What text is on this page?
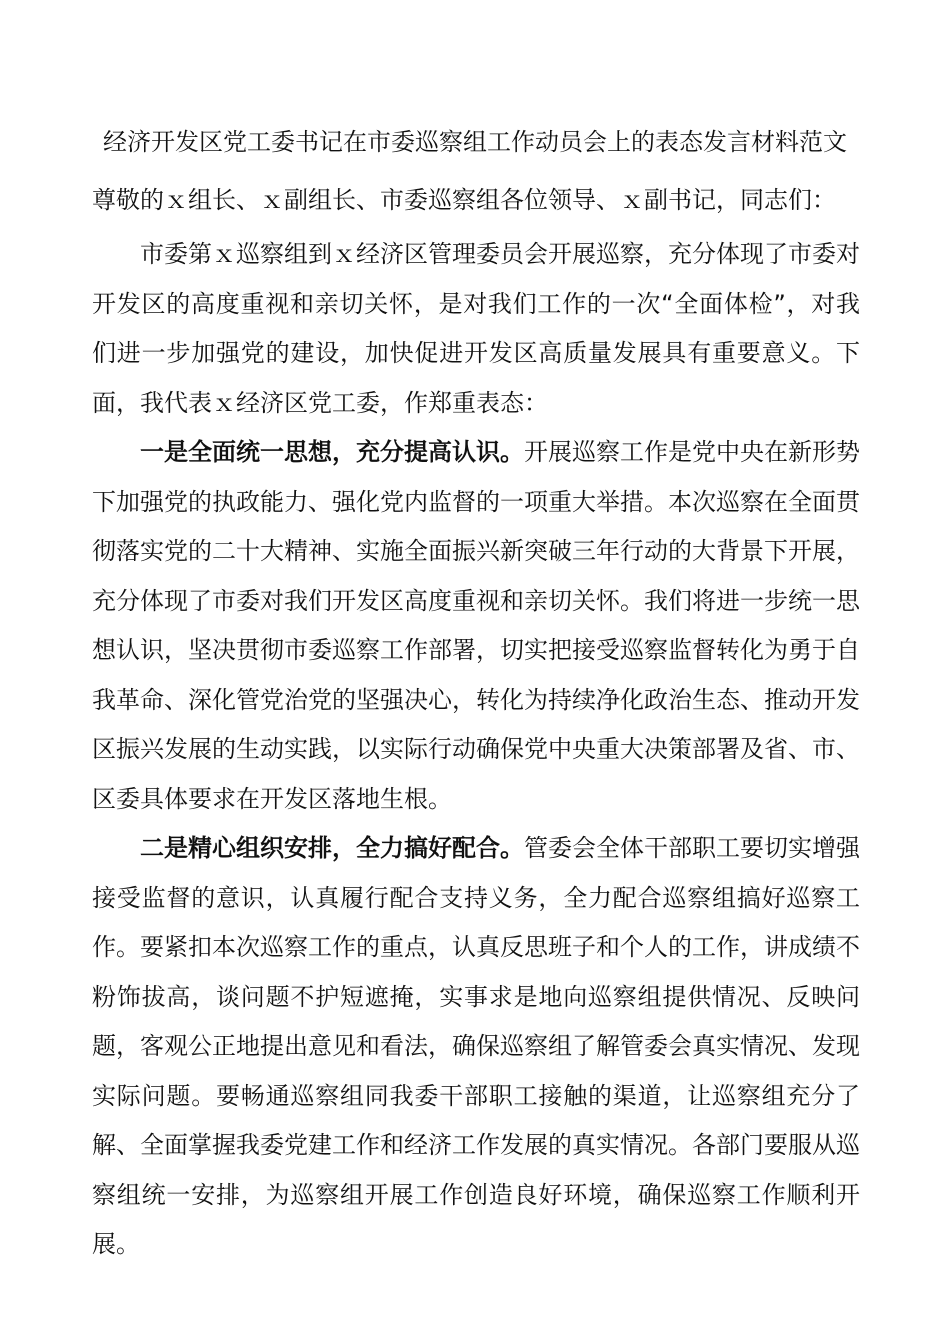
经济开发区党工委书记在市委巡察组工作动员会上的表态发言材料范文
尊敬的ｘ组长、ｘ副组长、市委巡察组各位领导、ｘ副书记，同志们：

市委第ｘ巡察组到ｘ经济区管理委员会开展巡察，充分体现了市委对开发区的高度重视和亲切关怀，是对我们工作的一次“全面体检”，对我们进一步加强党的建设，加快促进开发区高质量发展具有重要意义。下面，我代表ｘ经济区党工委，作郑重表态：

一是全面统一思想，充分提高认识。开展巡察工作是党中央在新形势下加强党的执政能力、强化党内监督的一项重大举措。本次巡察在全面贯彻落实党的二十大精神、实施全面振兴新突破三年行动的大背景下开展，充分体现了市委对我们开发区高度重视和亲切关怀。我们将进一步统一思想认识，坚决贯彻市委巡察工作部署，切实把接受巡察监督转化为勇于自我革命、深化管党治党的坚强决心，转化为持续净化政治生态、推动开发区振兴发展的生动实践，以实际行动确保党中央重大决策部署及省、市、区委具体要求在开发区落地生根。

二是精心组织安排，全力搞好配合。管委会全体干部职工要切实增强接受监督的意识，认真履行配合支持义务，全力配合巡察组搞好巡察工作。要紧扣本次巡察工作的重点，认真反思班子和个人的工作，讲成绩不粉饰拔高，谈问题不护短遮掩，实事求是地向巡察组提供情况、反映问题，客观公正地提出意见和看法，确保巡察组了解管委会真实情况、发现实际问题。要畅通巡察组同我委干部职工接触的渠道，让巡察组充分了解、全面掌握我委党建工作和经济工作发展的真实情况。各部门要服从巡察组统一安排，为巡察组开展工作创造良好环境，确保巡察工作顺利开展。
